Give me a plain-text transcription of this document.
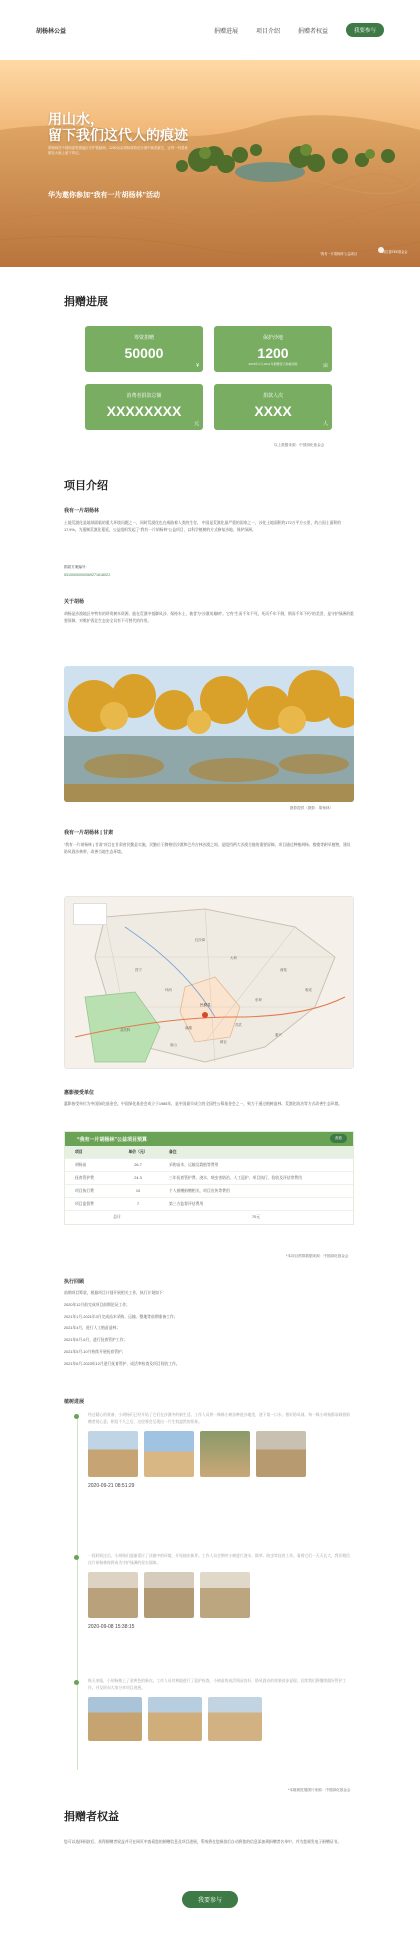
胡杨林公益	捐赠进展	项目介绍	捐赠者权益	我要参与
用山水，
留下我们这代人的痕迹
胡杨林在中国西部荒漠地区守护着绿洲，1200余亩胡杨林将在沙漠中焕发新生，让每一份善意都在大地上留下印记。
华为邀你参加“我有一片胡杨林”活动
“我有一片胡杨林”公益项目	阿拉善SEE基金会
捐赠进展
筹资捐赠
50000
¥
保护沙地
1200
2019年1月-2021年捐赠者已种植胡杨	亩
消费者捐款总额
XXXXXXXX
元
捐款人次
XXXX
人
以上数据来源：中国绿化基金会
项目介绍
我有一片胡杨林
土地荒漠化是地球面临的重大环境问题之一，同时荒漠化也在威胁着人类的生存。 中国是荒漠化最严重的国家之一，沙化土地面积约172万平方公里，约占国土面积的17.9%。为遏制荒漠化蔓延，公益组织发起了“我有一片胡杨林”公益项目，以科学植树的方式修复沙地、保护绿洲。
捐款方案编号：
531000000000692716180ZJ
关于胡杨
胡杨是沙漠地区中特有的珍贵树木资源，能在荒漠中抵御风沙、保持水土，被誉为“沙漠英雄树”。它有“生而千年不死，死而千年不倒，倒而千年不朽”的美誉，是守护绿洲的重要屏障，对维护西北生态安全具有不可替代的作用。
摄影提供（摄影：胡杨林）
我有一片胡杨林 | 甘肃
“我有一片胡杨林 | 甘肃”项目在甘肃省民勤县实施，民勤位于腾格里沙漠和巴丹吉林沙漠之间，是阻挡两大沙漠合拢的重要屏障。项目通过种植胡杨、梭梭等耐旱植物，建设防风固沙林带，改善当地生态环境。
民勤县
昌宁
红沙岗
苏武
东坝
双茨科
泉山
薛百
西渠
收成
环河
大坝
重兴
南湖
惠影接受单位
惠影接受单位为中国绿化基金会。中国绿化基金会成立于1985年，是中国最早成立的全国性公募基金会之一，致力于通过植树造林、荒漠化防治等方式改善生态环境。
“我有一片胡杨林”公益项目预算	查看
项目	单价（元）	备注
胡杨苗	26.7	采购苗木、运输及栽植等费用
抚育管护费	24.3	三年抚育管护费、浇水、病虫害防治、人工巡护、项目执行、验收及评估等费用
项目执行费	10	个人捐赠捐赠相关、项目宣传等费用
项目监督费	7	第三方监督评估费用
总计	70元
*本项目预算数据来源：中国绿化基金会
执行回顾
前期项目筹款，根据项目计划开展相关工作，执行计划如下：
2020年12月前完成项目前期论证工作；
2021年1月-2021年3月完成苗木采购、运输、整地等前期准备工作；
2021年4月，进行人工植苗造林；
2021年5月-6月，进行抚育管护工作；
2021年5月-10月持续开展抚育管护；
2021年6月-2023年12月进行抚育管护、成活率检查及项目验收工作。
植树进展
经过精心的准备，小胡杨们已经开始了它们在沙漠中的新生活。工作人员将一株株小树苗种进沙地里，浇下第一口水，搭好防风网。每一株小胡杨都承载着捐赠者的心意，相信不久之后，这里将会呈现出一片生机盎然的景象。
2020-09-21 08:51:29
一段时间过后，小胡杨们逐渐适应了沙漠中的环境，开始抽出新芽。工作人员定期对小树进行浇水、除草、防虫等抚育工作。看着它们一天天长大，我们相信这片胡杨林终将成为守护绿洲的坚实屏障。
2020-09-08 15:38:15
秋天来临，小胡杨换上了金黄色的新衣。工作人员对林地进行了巡护检查，小树苗的成活情况良好，防风固沙的效果初步显现。后续我们将继续做好管护工作，并及时向大家分享项目进展。
*本植树进展图片来源：中国绿化基金会
捐赠者权益
您可以选择捐款后，获得捐赠者权益并可在网页中查看您的捐赠信息及项目进展，系统将在您捐款后自动将您的信息添加到捐赠者名单中，并为您颁发电子捐赠证书。
我要参与
